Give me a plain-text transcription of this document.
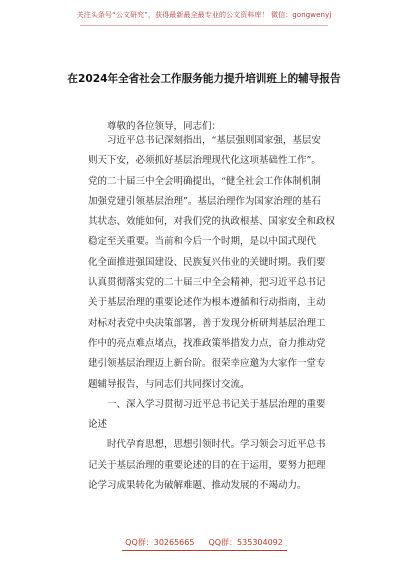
关注头条号“公文研究”，获得最新最全最专业的公文资料库！ 微信：gongwenyj
在2024年全省社会工作服务能力提升培训班上的辅导报告
尊敬的各位领导，同志们：
习近平总书记深刻指出，“基层强则国家强，基层安
则天下安，必须抓好基层治理现代化这项基础性工作”。
党的二十届三中全会明确提出，“健全社会工作体制机制
加强党建引领基层治理”。基层治理作为国家治理的基石
其状态、效能如何，对我们党的执政根基、国家安全和政权
稳定至关重要。当前和今后一个时期，是以中国式现代
化全面推进强国建设、民族复兴伟业的关键时期。我们要
认真贯彻落实党的二十届三中全会精神，把习近平总书记
关于基层治理的重要论述作为根本遵循和行动指南，主动
对标对表党中央决策部署，善于发现分析研判基层治理工
作中的亮点难点堵点，找准政策举措发力点，奋力推动党
建引领基层治理迈上新台阶。很荣幸应邀为大家作一堂专
题辅导报告，与同志们共同探讨交流。
一、深入学习贯彻习近平总书记关于基层治理的重要
论述
时代孕育思想，思想引领时代。学习领会习近平总书
记关于基层治理的重要论述的目的在于运用，要努力把理
论学习成果转化为破解难题、推动发展的不竭动力。
QQ群：30265665 QQ群：535304092
